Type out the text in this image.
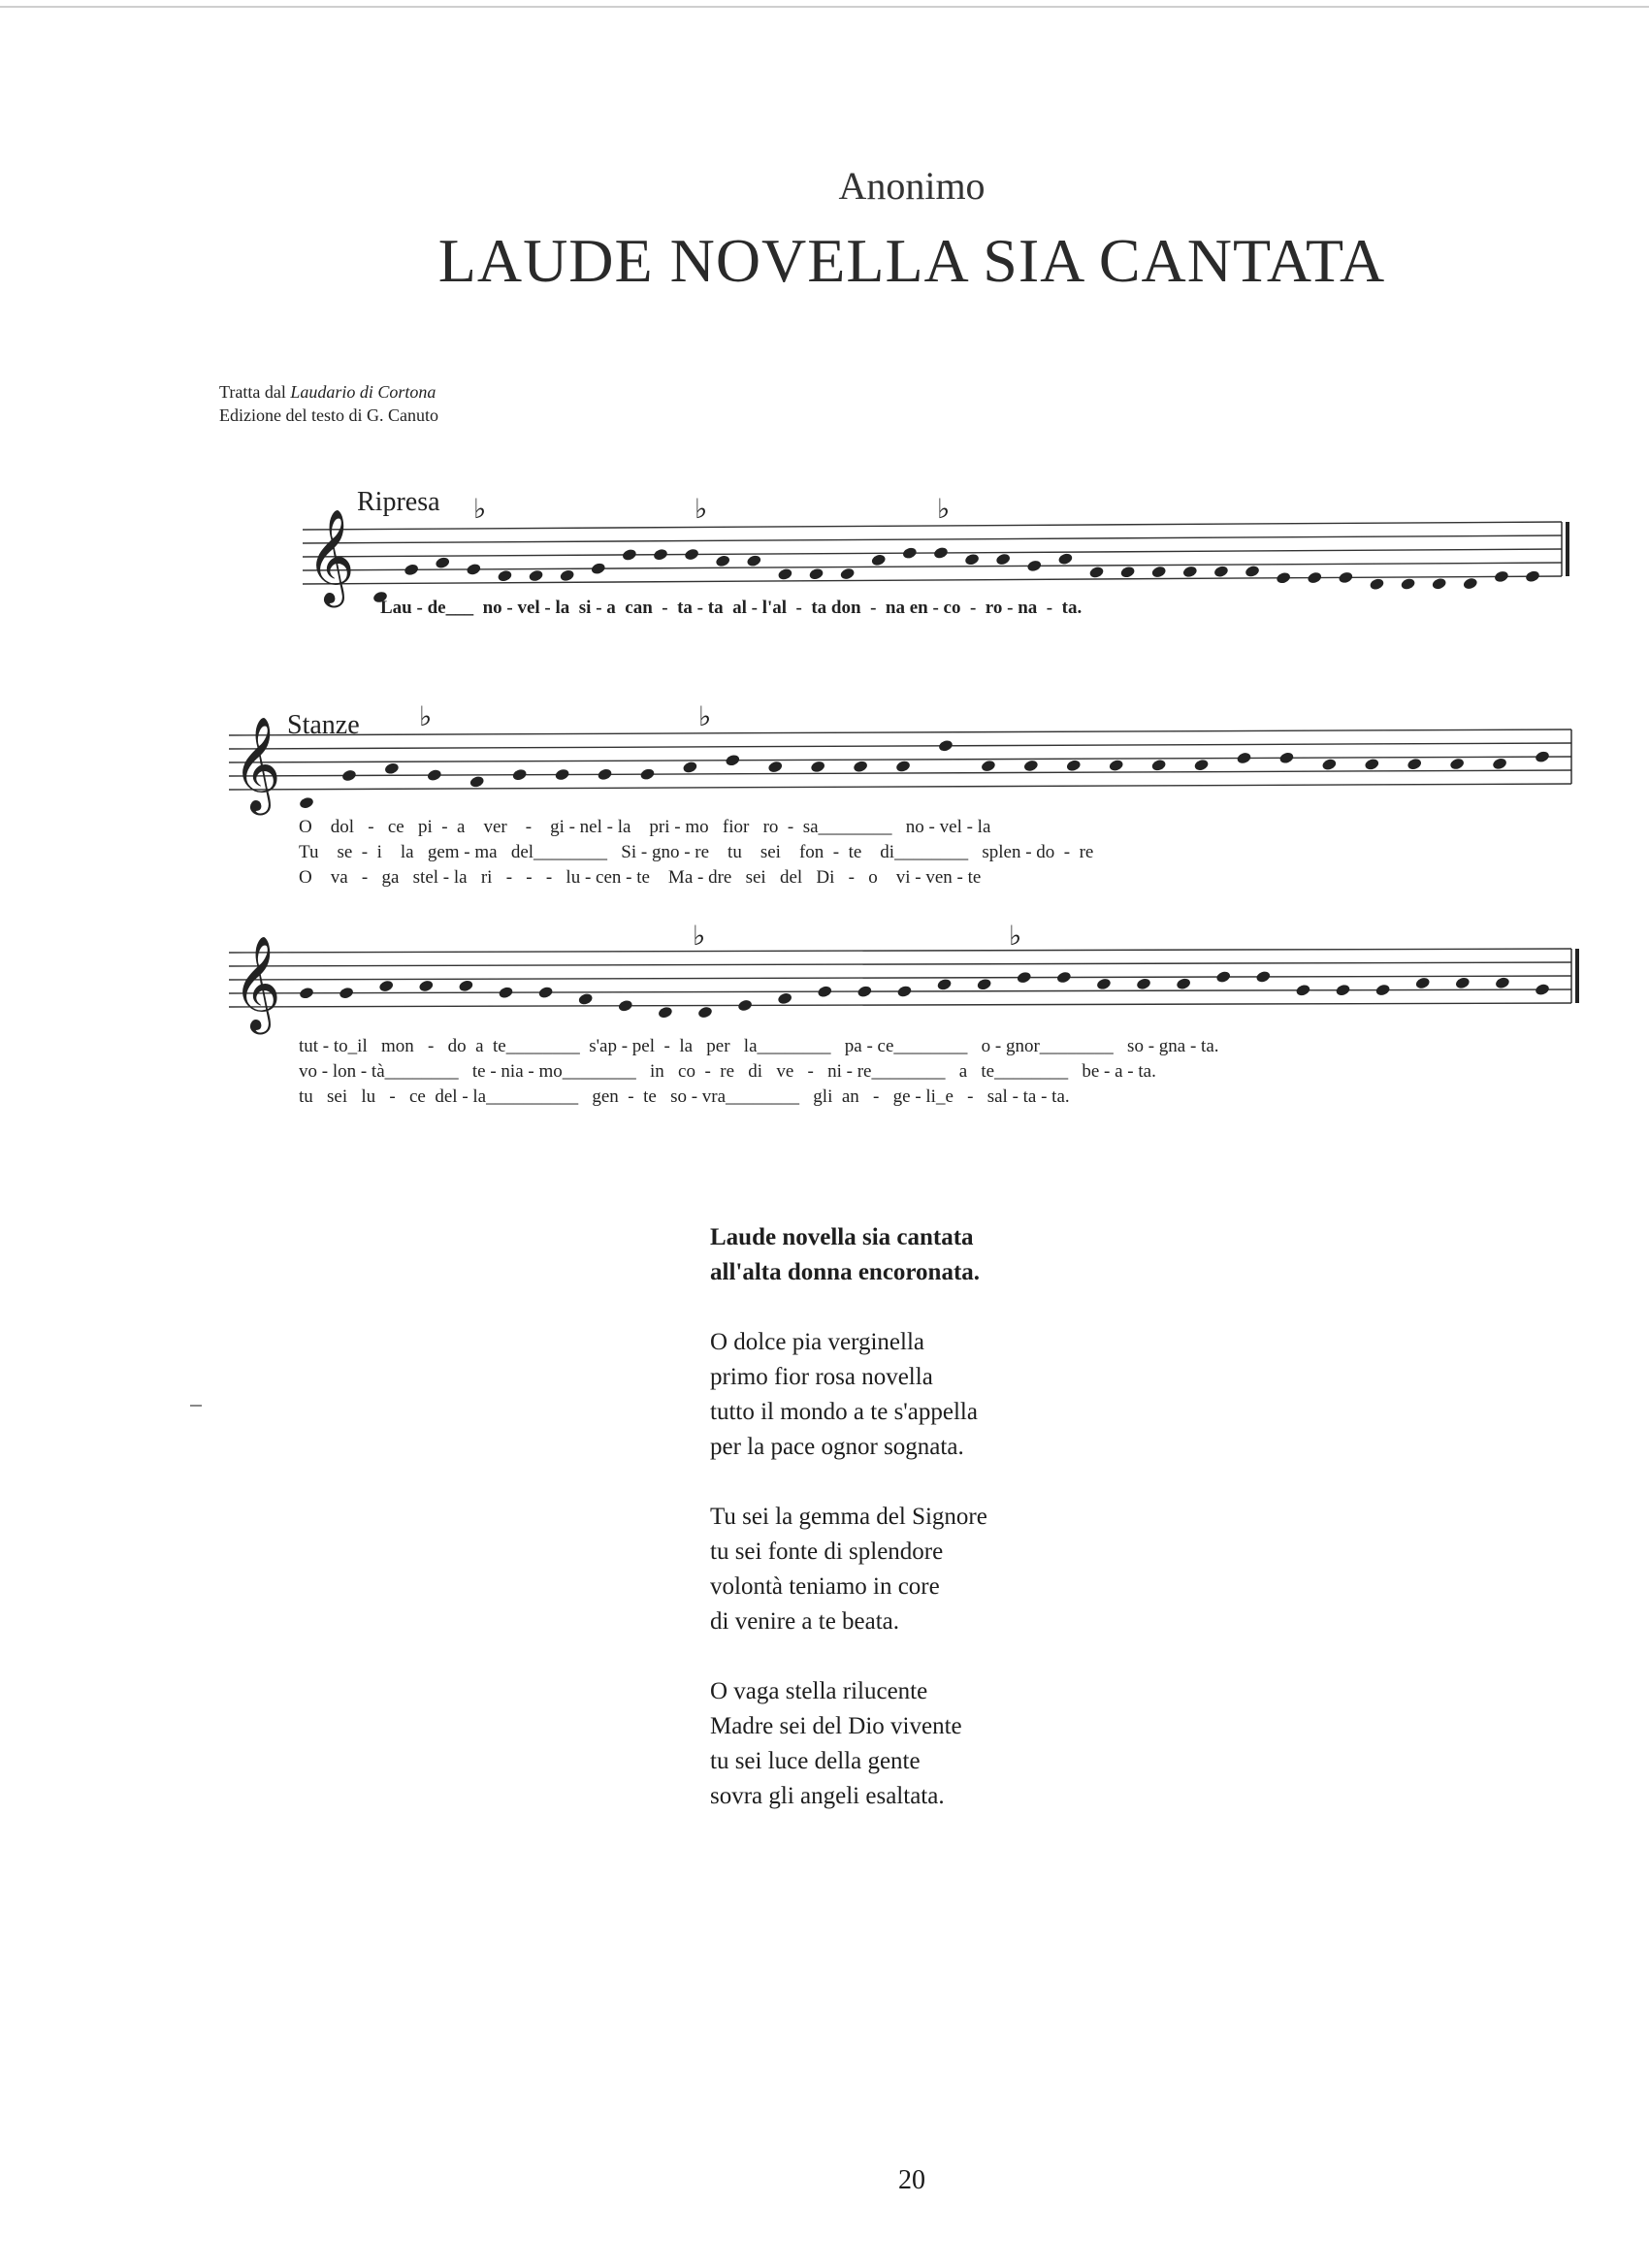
Anonimo
LAUDE NOVELLA SIA CANTATA
Tratta dal Laudario di Cortona
Edizione del testo di G. Canuto
Ripresa
𝄞	♭	♭	♭
𝄞	♭	♭
𝄞	♭	♭
Lau - de___  no - vel - la  si - a  can  -  ta - ta  al - l'al  -  ta don  -  na en - co  -  ro - na  -  ta.
Stanze
O    dol   -   ce   pi  -  a    ver    -    gi - nel - la    pri - mo   fior   ro  -  sa________   no - vel - la
Tu    se  -  i    la   gem - ma   del________   Si - gno - re    tu    sei    fon  -  te    di________   splen - do  -  re
O    va   -   ga   stel - la   ri   -   -   -   lu - cen - te    Ma - dre   sei   del   Di   -   o    vi - ven - te
tut - to_il   mon   -   do  a  te________  s'ap - pel  -  la   per   la________   pa - ce________   o - gnor________   so - gna - ta.
vo - lon - tà________   te - nia - mo________   in   co  -  re   di   ve   -   ni - re________   a   te________   be - a - ta.
tu   sei   lu   -   ce  del - la__________   gen  -  te   so - vra________   gli  an   -   ge - li_e   -   sal - ta - ta.
Laude novella sia cantata
all'alta donna encoronata.
O dolce pia verginella
primo fior rosa novella
tutto il mondo a te s'appella
per la pace ognor sognata.
Tu sei la gemma del Signore
tu sei fonte di splendore
volontà teniamo in core
di venire a te beata.
O vaga stella rilucente
Madre sei del Dio vivente
tu sei luce della gente
sovra gli angeli esaltata.
20
